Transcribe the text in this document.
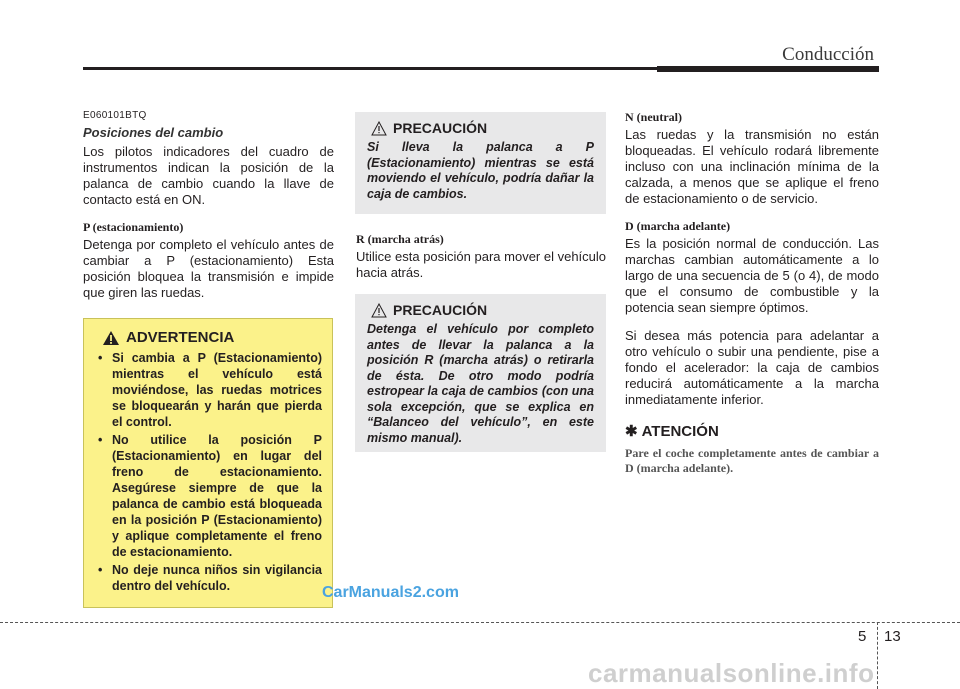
Conducción

E060101BTQ

Posiciones del cambio

Los pilotos indicadores del cuadro de instrumentos indican la posición de la palanca de cambio cuando la llave de contacto está en ON.

P (estacionamiento)

Detenga por completo el vehículo antes de cambiar a P (estacionamiento) Esta posición bloquea la transmisión e impide que giren las ruedas.

ADVERTENCIA
• Si cambia a P (Estacionamiento) mientras el vehículo está moviéndose, las ruedas motrices se bloquearán y harán que pierda el control.
• No utilice la posición P (Estacionamiento) en lugar del freno de estacionamiento. Asegúrese siempre de que la palanca de cambio está bloqueada en la posición P (Estacionamiento) y aplique completamente el freno de estacionamiento.
• No deje nunca niños sin vigilancia dentro del vehículo.
PRECAUCIÓN

Si lleva la palanca a P (Estacionamiento) mientras se está moviendo el vehículo, podría dañar la caja de cambios.

R (marcha atrás)

Utilice esta posición para mover el vehículo hacia atrás.

PRECAUCIÓN

Detenga el vehículo por completo antes de llevar la palanca a la posición R (marcha atrás) o retirarla de ésta. De otro modo podría estropear la caja de cambios (con una sola excepción, que se explica en “Balanceo del vehículo”, en este mismo manual).

N (neutral)

Las ruedas y la transmisión no están bloqueadas. El vehículo rodará libremente incluso con una inclinación mínima de la calzada, a menos que se aplique el freno de estacionamiento o de servicio.

D (marcha adelante)

Es la posición normal de conducción. Las marchas cambian automáticamente a lo largo de una secuencia de 5 (o 4), de modo que el consumo de combustible y la potencia sean siempre óptimos.

Si desea más potencia para adelantar a otro vehículo o subir una pendiente, pise a fondo el acelerador: la caja de cambios reducirá automáticamente a la marcha inmediatamente inferior.

✱ ATENCIÓN

Pare el coche completamente antes de cambiar a D (marcha adelante).

5 13
CarManuals2.com
carmanualsonline.info
